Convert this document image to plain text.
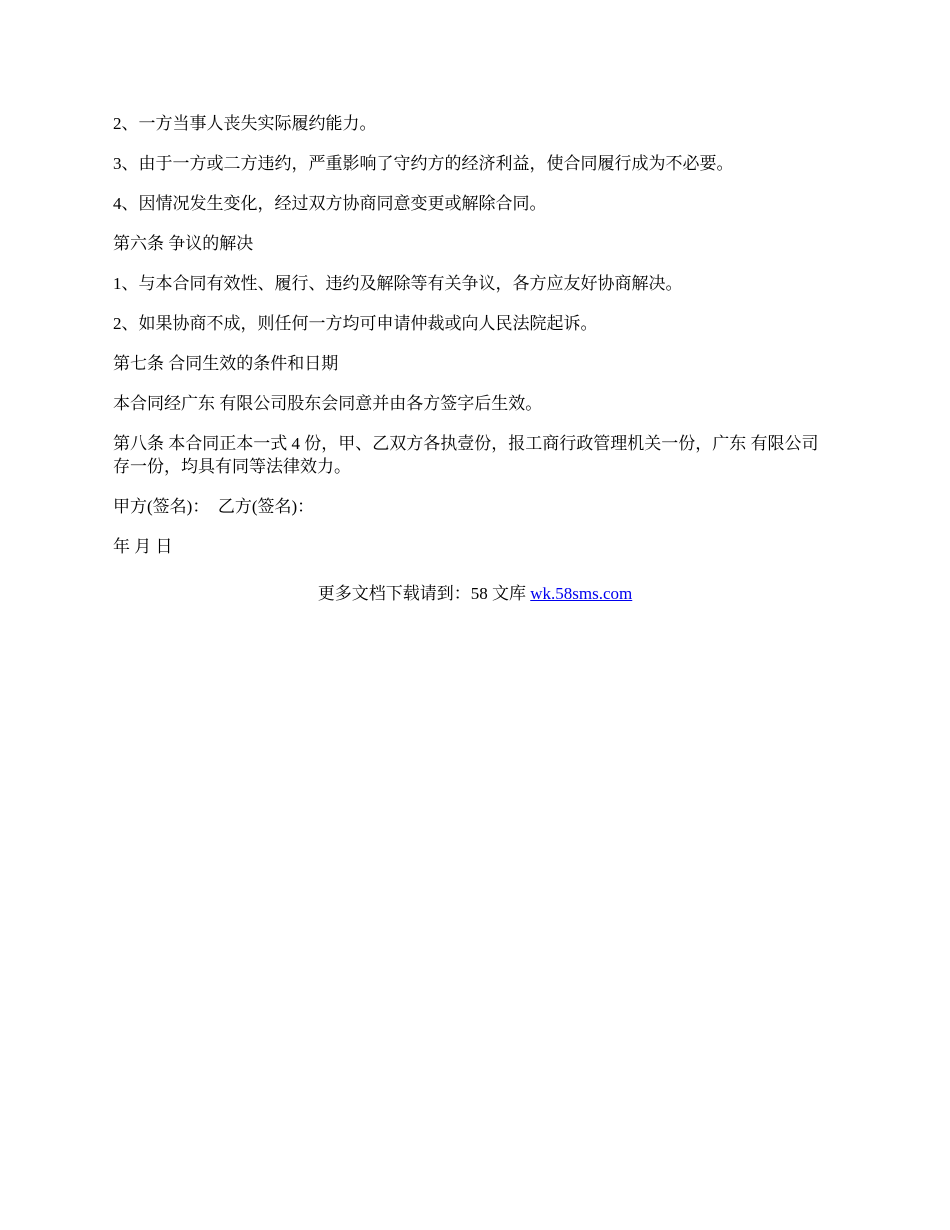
2、一方当事人丧失实际履约能力。

3、由于一方或二方违约，严重影响了守约方的经济利益，使合同履行成为不必要。

4、因情况发生变化，经过双方协商同意变更或解除合同。

第六条 争议的解决

1、与本合同有效性、履行、违约及解除等有关争议，各方应友好协商解决。

2、如果协商不成，则任何一方均可申请仲裁或向人民法院起诉。

第七条 合同生效的条件和日期

本合同经广东 有限公司股东会同意并由各方签字后生效。

第八条 本合同正本一式 4 份，甲、乙双方各执壹份，报工商行政管理机关一份，广东 有限公司存一份，均具有同等法律效力。

甲方(签名)：  乙方(签名)：

年 月 日

更多文档下载请到：58 文库 wk.58sms.com
